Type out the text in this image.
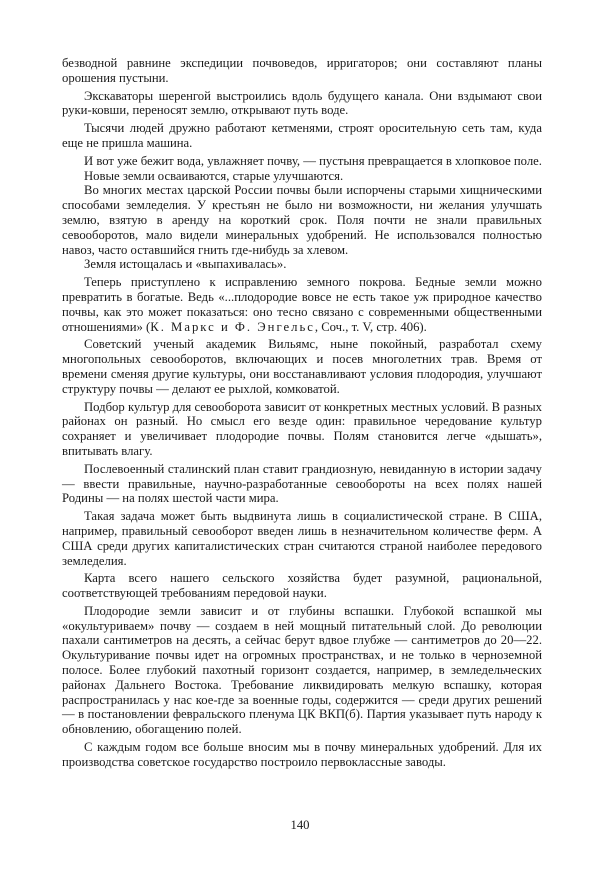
безводной равнине экспедиции почвоведов, ирригаторов; они составляют планы орошения пустыни.

Экскаваторы шеренгой выстроились вдоль будущего канала. Они вздымают свои руки-ковши, переносят землю, открывают путь воде.

Тысячи людей дружно работают кетменями, строят оросительную сеть там, куда еще не пришла машина.

И вот уже бежит вода, увлажняет почву, — пустыня превращается в хлопковое поле.

Новые земли осваиваются, старые улучшаются.

Во многих местах царской России почвы были испорчены старыми хищническими способами земледелия. У крестьян не было ни возможности, ни желания улучшать землю, взятую в аренду на короткий срок. Поля почти не знали правильных севооборотов, мало видели минеральных удобрений. Не использовался полностью навоз, часто оставшийся гнить где-нибудь за хлевом.

Земля истощалась и «выпахивалась».

Теперь приступлено к исправлению земного покрова. Бедные земли можно превратить в богатые. Ведь «...плодородие вовсе не есть такое уж природное качество почвы, как это может показаться: оно тесно связано с современными общественными отношениями» (К. Маркс и Ф. Энгельс, Соч., т. V, стр. 406).

Советский ученый академик Вильямс, ныне покойный, разработал схему многопольных севооборотов, включающих и посев многолетних трав. Время от времени сменяя другие культуры, они восстанавливают условия плодородия, улучшают структуру почвы — делают ее рыхлой, комковатой.

Подбор культур для севооборота зависит от конкретных местных условий. В разных районах он разный. Но смысл его везде один: правильное чередование культур сохраняет и увеличивает плодородие почвы. Полям становится легче «дышать», впитывать влагу.

Послевоенный сталинский план ставит грандиозную, невиданную в истории задачу — ввести правильные, научно-разработанные севообороты на всех полях нашей Родины — на полях шестой части мира.

Такая задача может быть выдвинута лишь в социалистической стране. В США, например, правильный севооборот введен лишь в незначительном количестве ферм. А США среди других капиталистических стран считаются страной наиболее передового земледелия.

Карта всего нашего сельского хозяйства будет разумной, рациональной, соответствующей требованиям передовой науки.

Плодородие земли зависит и от глубины вспашки. Глубокой вспашкой мы «окультуриваем» почву — создаем в ней мощный питательный слой. До революции пахали сантиметров на десять, а сейчас берут вдвое глубже — сантиметров до 20—22. Окультуривание почвы идет на огромных пространствах, и не только в черноземной полосе. Более глубокий пахотный горизонт создается, например, в земледельческих районах Дальнего Востока. Требование ликвидировать мелкую вспашку, которая распространилась у нас кое-где за военные годы, содержится — среди других решений — в постановлении февральского пленума ЦК ВКП(б). Партия указывает путь народу к обновлению, обогащению полей.

С каждым годом все больше вносим мы в почву минеральных удобрений. Для их производства советское государство построило первоклассные заводы.

140
